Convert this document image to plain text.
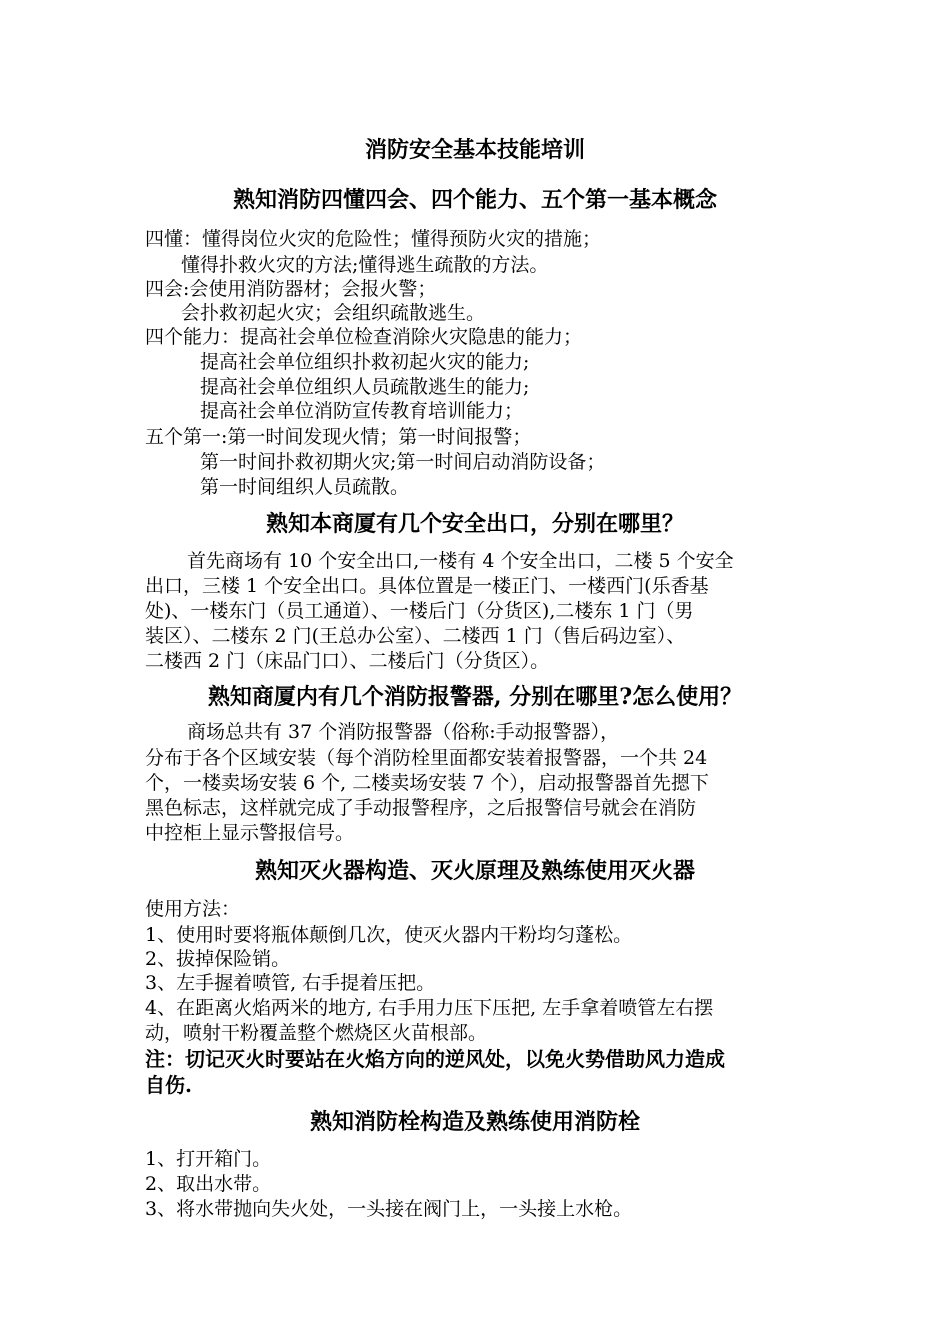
消防安全基本技能培训
熟知消防四懂四会、四个能力、五个第一基本概念
四懂：懂得岗位火灾的危险性；懂得预防火灾的措施；
懂得扑救火灾的方法;懂得逃生疏散的方法。
四会:会使用消防器材；会报火警；
会扑救初起火灾；会组织疏散逃生。
四个能力：提高社会单位检查消除火灾隐患的能力；
提高社会单位组织扑救初起火灾的能力;
提高社会单位组织人员疏散逃生的能力;
提高社会单位消防宣传教育培训能力；
五个第一:第一时间发现火情；第一时间报警；
第一时间扑救初期火灾;第一时间启动消防设备；
第一时间组织人员疏散。
熟知本商厦有几个安全出口，分别在哪里？
首先商场有 10 个安全出口,一楼有 4 个安全出口，二楼 5 个安全
出口，三楼 1 个安全出口。具体位置是一楼正门、一楼西门(乐香基
处)、一楼东门（员工通道）、一楼后门（分货区),二楼东 1 门（男
装区）、二楼东 2 门(王总办公室）、二楼西 1 门（售后码边室）、
二楼西 2 门（床品门口）、二楼后门（分货区）。
熟知商厦内有几个消防报警器, 分别在哪里?怎么使用？
商场总共有 37 个消防报警器（俗称:手动报警器），
分布于各个区域安装（每个消防栓里面都安装着报警器，一个共 24
个，一楼卖场安装 6 个, 二楼卖场安装 7 个），启动报警器首先摁下
黑色标志，这样就完成了手动报警程序，之后报警信号就会在消防
中控柜上显示警报信号。
熟知灭火器构造、灭火原理及熟练使用灭火器
使用方法：
1、使用时要将瓶体颠倒几次，使灭火器内干粉均匀蓬松。
2、拔掉保险销。
3、左手握着喷管, 右手提着压把。
4、在距离火焰两米的地方, 右手用力压下压把, 左手拿着喷管左右摆
动，喷射干粉覆盖整个燃烧区火苗根部。
注：切记灭火时要站在火焰方向的逆风处，以免火势借助风力造成
自伤.
熟知消防栓构造及熟练使用消防栓
1、打开箱门。
2、取出水带。
3、将水带抛向失火处，一头接在阀门上，一头接上水枪。
